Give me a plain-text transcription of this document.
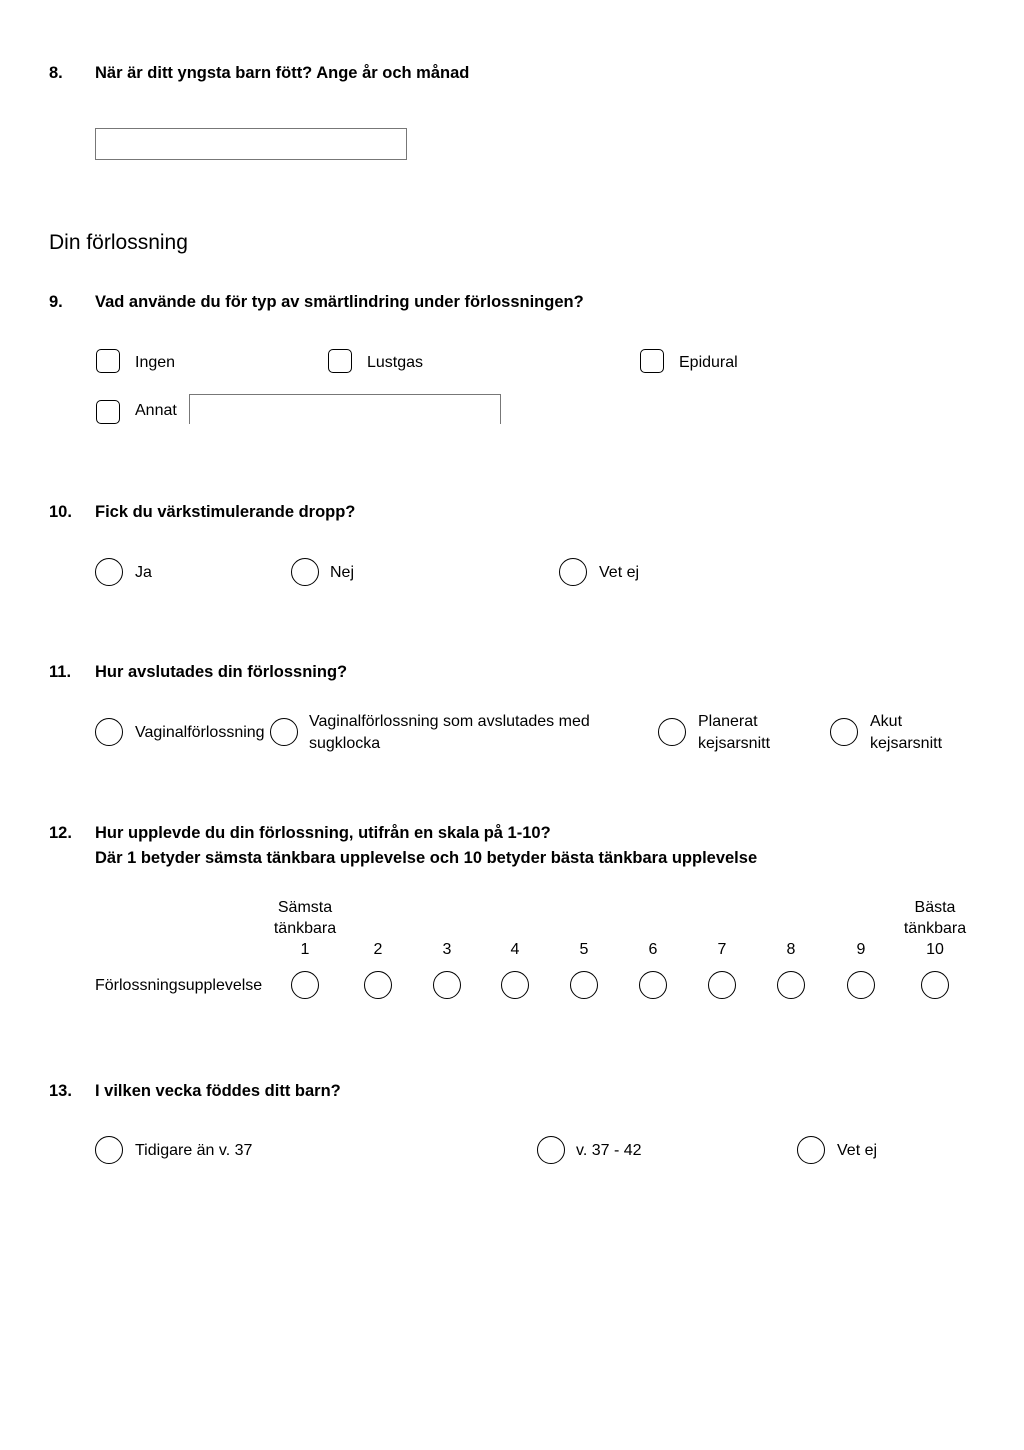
8. När är ditt yngsta barn fött? Ange år och månad
Din förlossning
9. Vad använde du för typ av smärtlindring under förlossningen?
Ingen	Lustgas	Epidural
Annat
10. Fick du värkstimulerande dropp?
Ja	Nej	Vet ej
11. Hur avslutades din förlossning?
Vaginalförlossning
Vaginalförlossning som avslutades med
sugklocka
Planerat
kejsarsnitt
Akut
kejsarsnitt
12. Hur upplevde du din förlossning, utifrån en skala på 1-10?
Där 1 betyder sämsta tänkbara upplevelse och 10 betyder bästa tänkbara upplevelse
Sämsta
tänkbara
Bästa
tänkbara
1	2	3	4	5	6	7	8	9	10
Förlossningsupplevelse
13. I vilken vecka föddes ditt barn?
Tidigare än v. 37	v. 37 - 42	Vet ej
